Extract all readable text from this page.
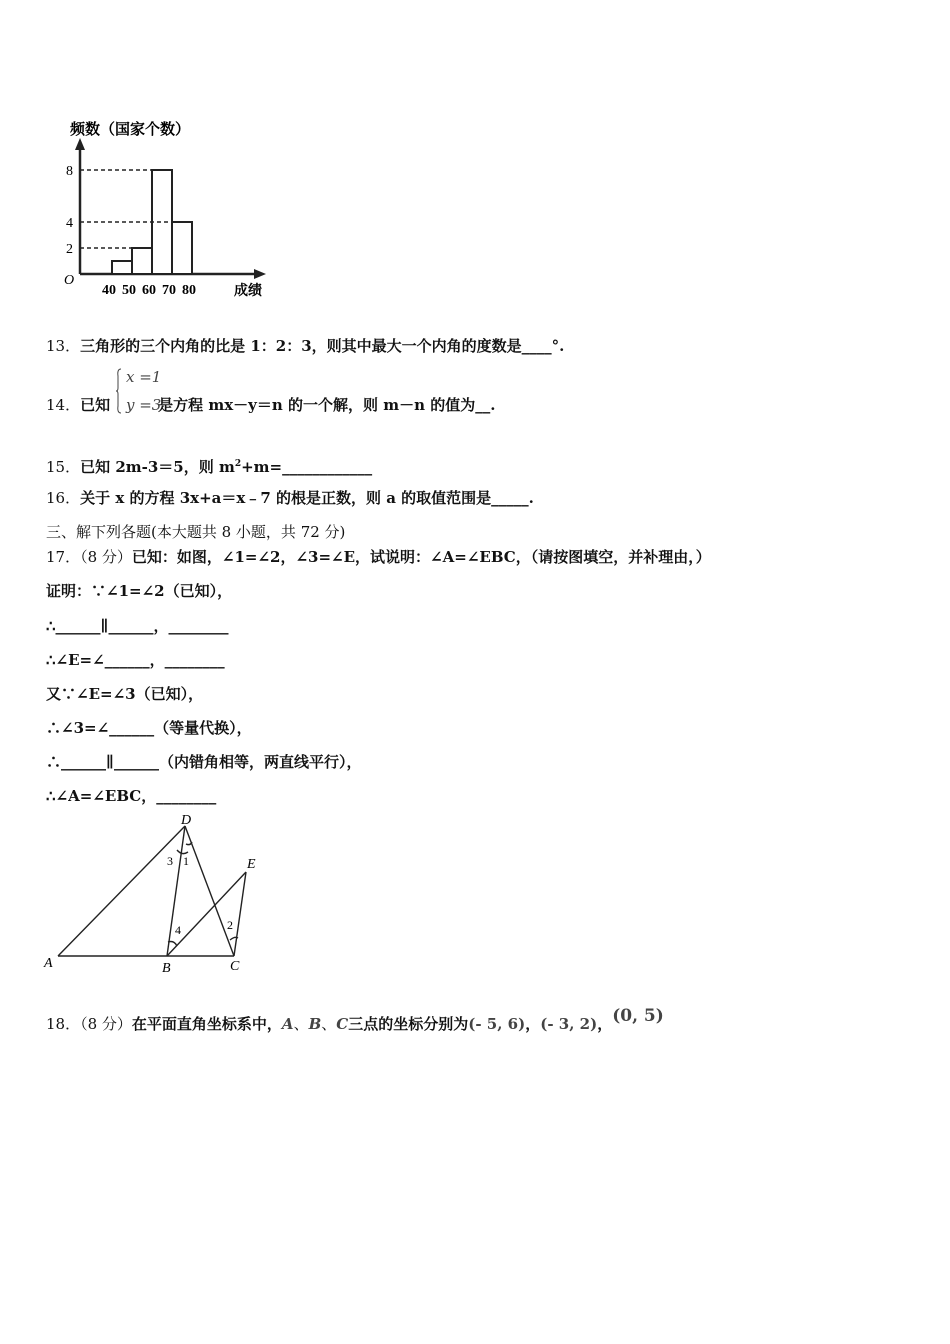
频数（国家个数）
2
4
8
40 50 60 70 80
O
成绩
13．三角形的三个内角的比是 1：2：3，则其中最大一个内角的度数是____°.
x =1
y =3
14．已知	是方程 mx－y＝n 的一个解，则 m－n 的值为__.
15．已知 2m-3＝5，则 $m^2+m=\_\_\_\_\_\_\_\_\_\_\_\_$
16．关于 x 的方程 3x+a＝x﹣7 的根是正数，则 a 的取值范围是_____.
三、解下列各题(本大题共 8 小题，共 72 分)
17．（8 分）已知：如图，∠1=∠2，∠3=∠E，试说明：∠A=∠EBC，（请按图填空，并补理由，）
证明：∵∠1=∠2（已知），
∴______∥______，________
∴∠E=∠______，________
又∵∠E=∠3（已知），
∴∠3=∠______（等量代换），
∴______∥______（内错角相等，两直线平行），
∴∠A=∠EBC，________
D
E
A	B	C
3 1
4	2
18．（8 分）在平面直角坐标系中，A、B、C三点的坐标分别为(- 5, 6)，(- 3, 2)，(0, 5)
